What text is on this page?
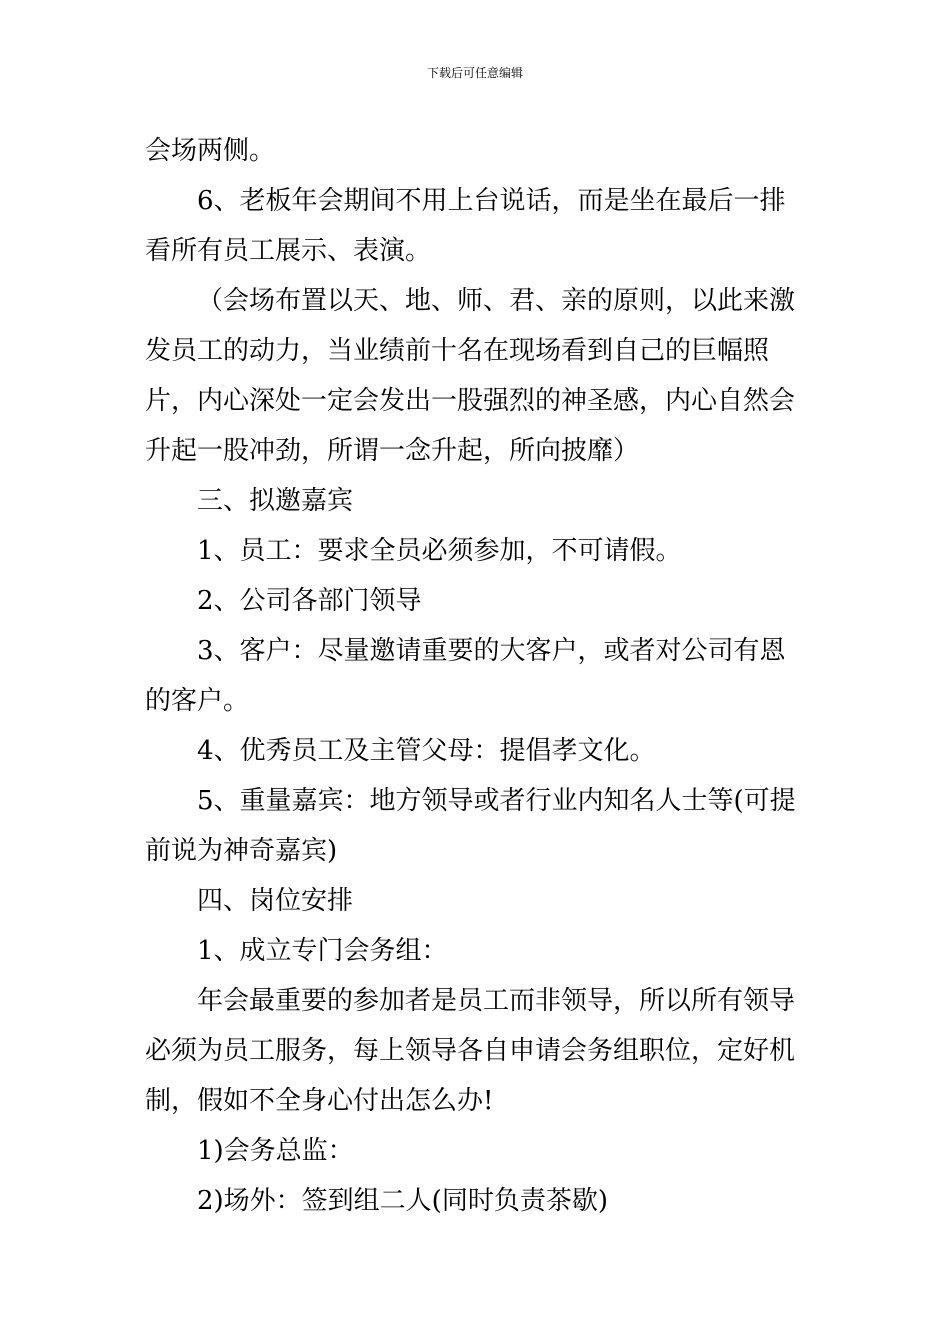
下载后可任意编辑

会场两侧。

6、老板年会期间不用上台说话，而是坐在最后一排看所有员工展示、表演。

（会场布置以天、地、师、君、亲的原则，以此来激发员工的动力，当业绩前十名在现场看到自己的巨幅照片，内心深处一定会发出一股强烈的神圣感，内心自然会升起一股冲劲，所谓一念升起，所向披靡）

三、拟邀嘉宾

1、员工：要求全员必须参加，不可请假。

2、公司各部门领导

3、客户：尽量邀请重要的大客户，或者对公司有恩的客户。

4、优秀员工及主管父母：提倡孝文化。

5、重量嘉宾：地方领导或者行业内知名人士等(可提前说为神奇嘉宾)

四、岗位安排

1、成立专门会务组：

年会最重要的参加者是员工而非领导，所以所有领导必须为员工服务，每上领导各自申请会务组职位，定好机制，假如不全身心付出怎么办!

1)会务总监：

2)场外：签到组二人(同时负责茶歇)
